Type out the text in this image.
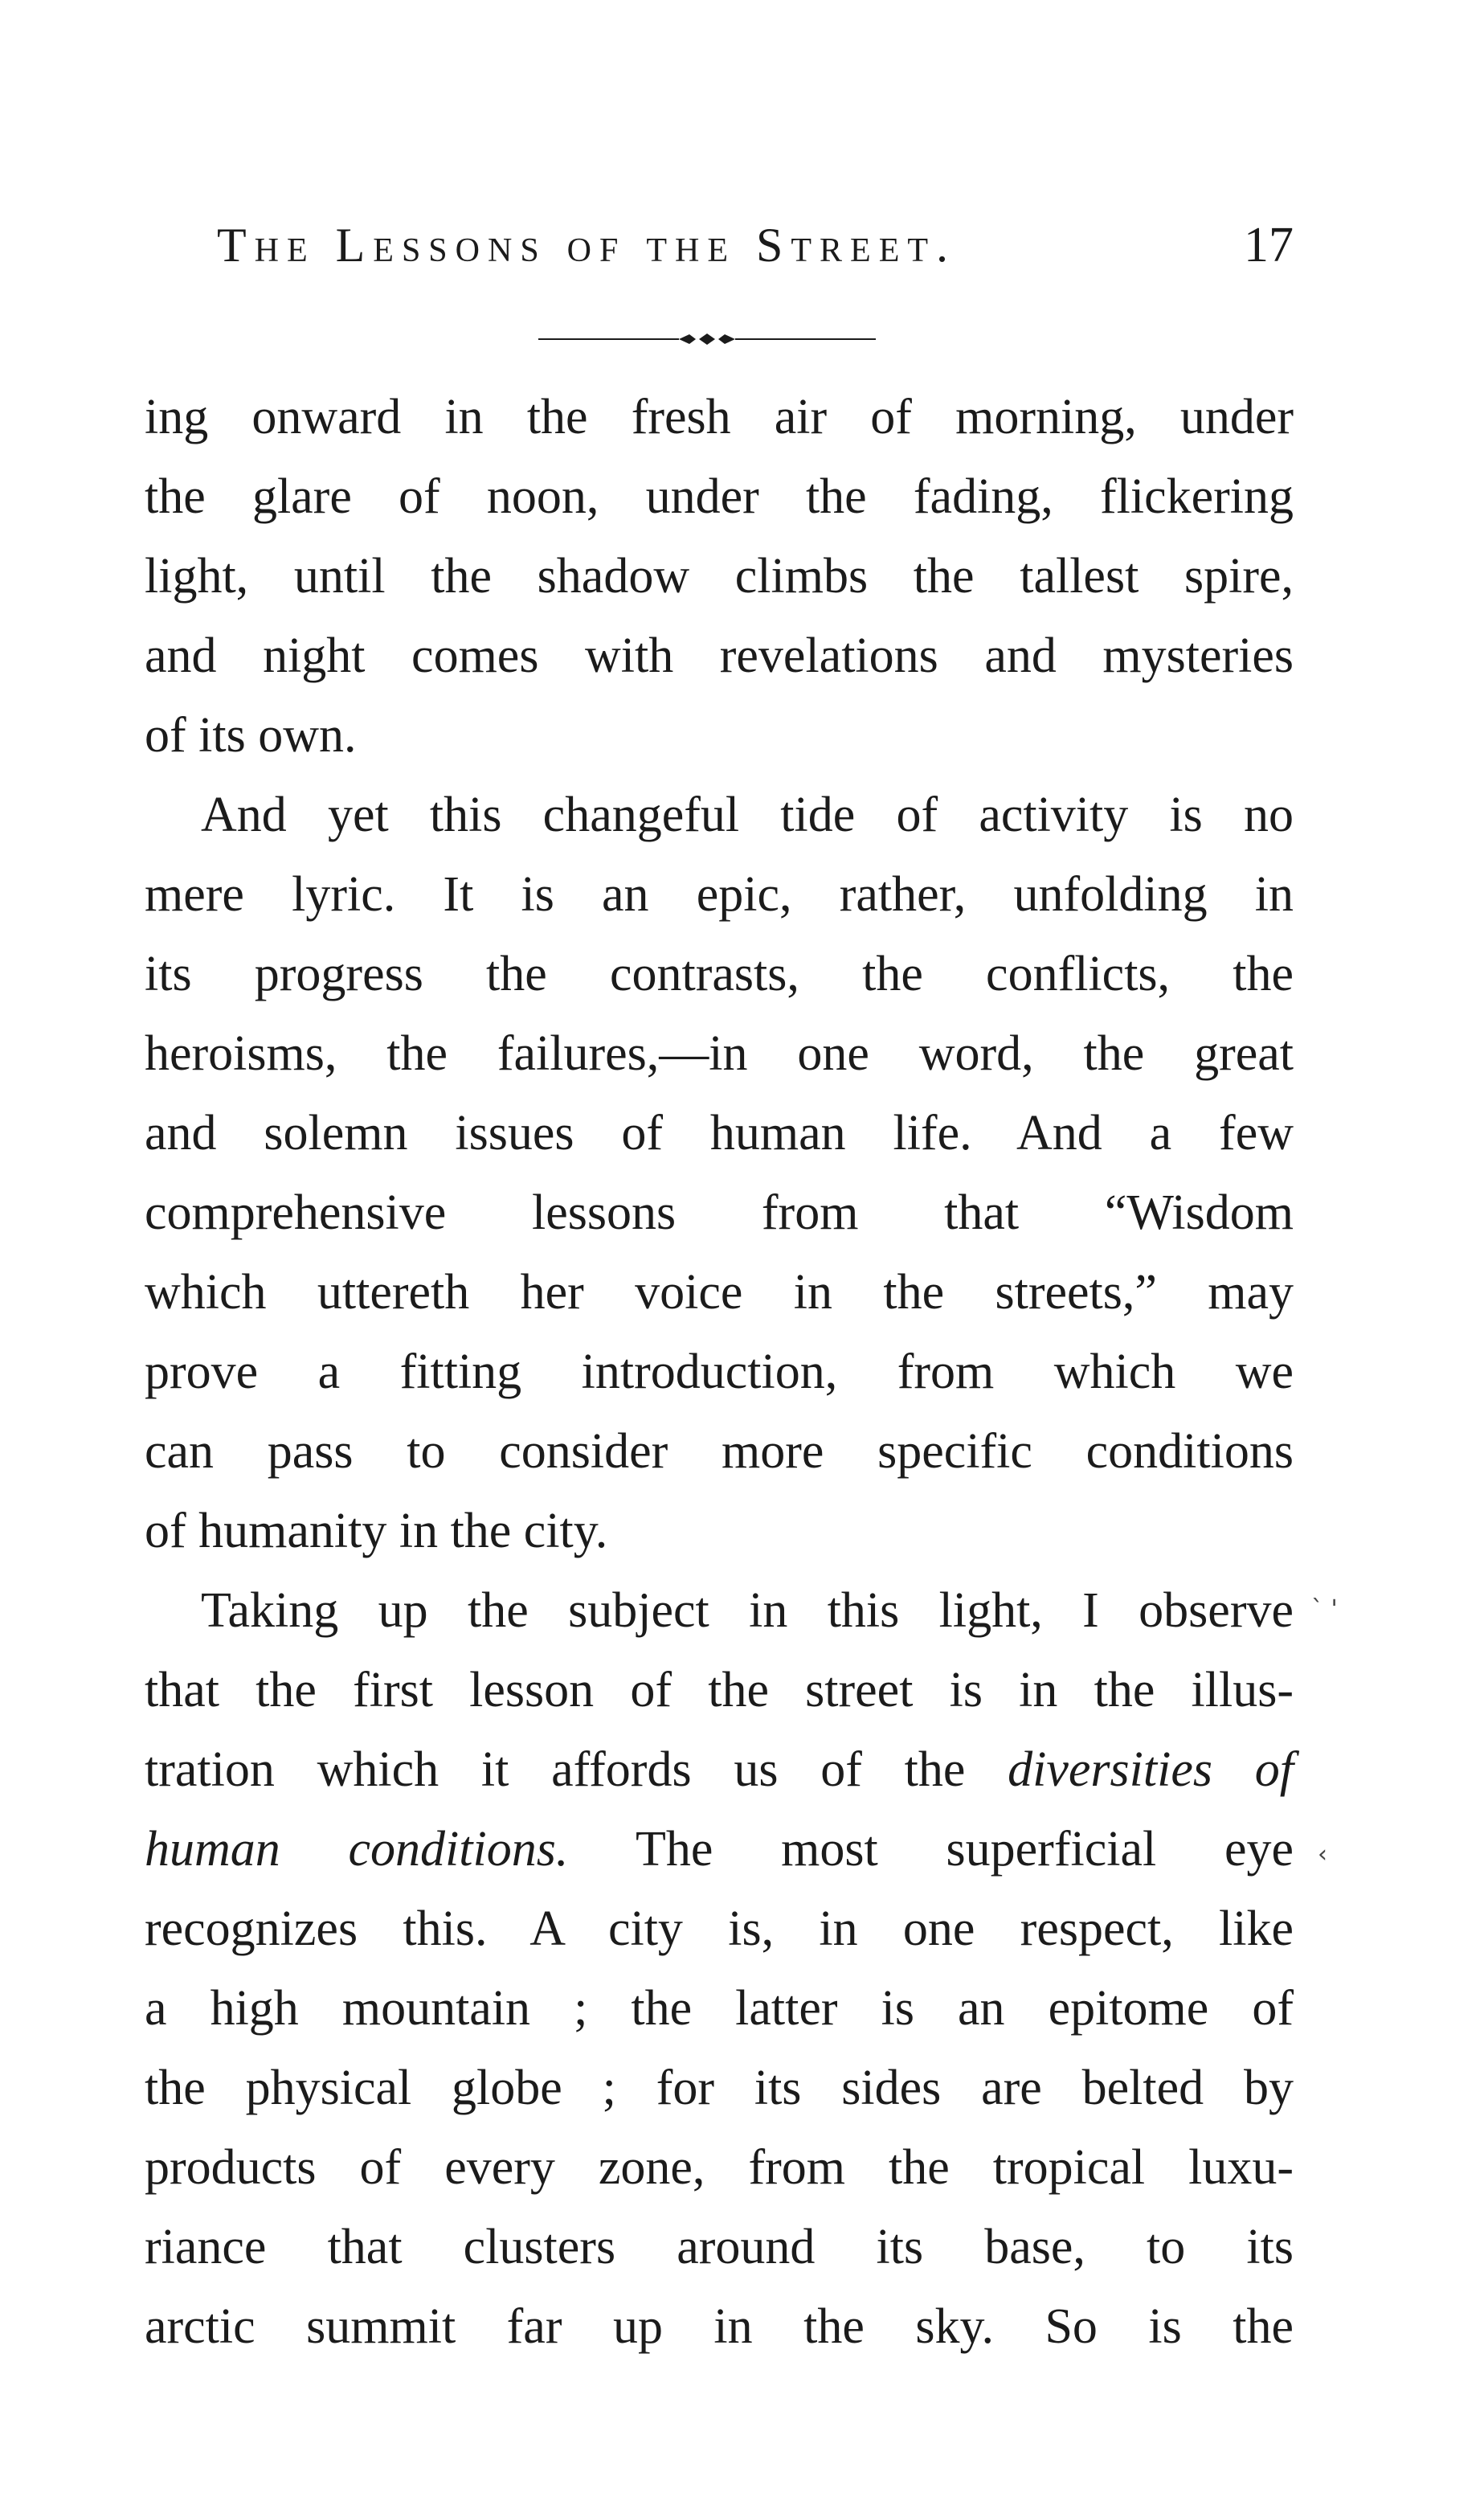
The Lessons of the Street.	17

ing onward in the fresh air of morning, under
the glare of noon, under the fading, flickering
light, until the shadow climbs the tallest spire,
and night comes with revelations and mysteries
of its own.

And yet this changeful tide of activity is no
mere lyric. It is an epic, rather, unfolding in
its progress the contrasts, the conflicts, the
heroisms, the failures,—in one word, the great
and solemn issues of human life. And a few
comprehensive lessons from that “Wisdom
which uttereth her voice in the streets,” may
prove a fitting introduction, from which we
can pass to consider more specific conditions
of humanity in the city.

Taking up the subject in this light, I observe
that the first lesson of the street is in the illus-
tration which it affords us of the diversities of
human conditions. The most superficial eye
recognizes this. A city is, in one respect, like
a high mountain ; the latter is an epitome of
the physical globe ; for its sides are belted by
products of every zone, from the tropical luxu-
riance that clusters around its base, to its
arctic summit far up in the sky. So is the

` '
‹
